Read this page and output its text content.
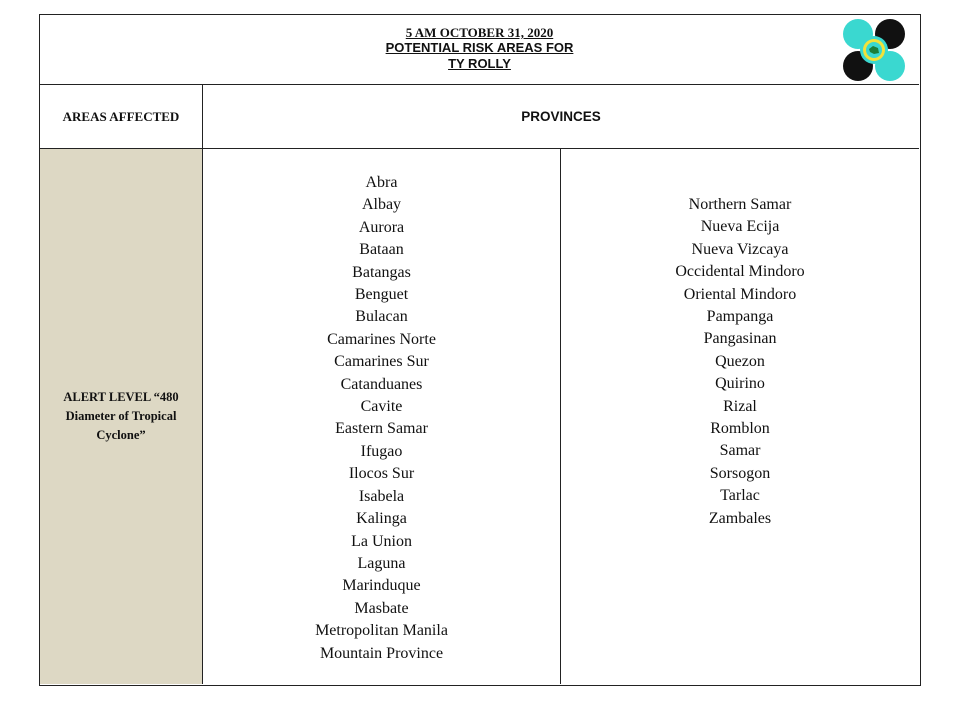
5 AM OCTOBER 31, 2020
POTENTIAL RISK AREAS FOR
TY ROLLY
AREAS AFFECTED	PROVINCES
ALERT LEVEL “480
Diameter of Tropical
Cyclone”
Abra
Albay
Aurora
Bataan
Batangas
Benguet
Bulacan
Camarines Norte
Camarines Sur
Catanduanes
Cavite
Eastern Samar
Ifugao
Ilocos Sur
Isabela
Kalinga
La Union
Laguna
Marinduque
Masbate
Metropolitan Manila
Mountain Province
Northern Samar
Nueva Ecija
Nueva Vizcaya
Occidental Mindoro
Oriental Mindoro
Pampanga
Pangasinan
Quezon
Quirino
Rizal
Romblon
Samar
Sorsogon
Tarlac
Zambales
